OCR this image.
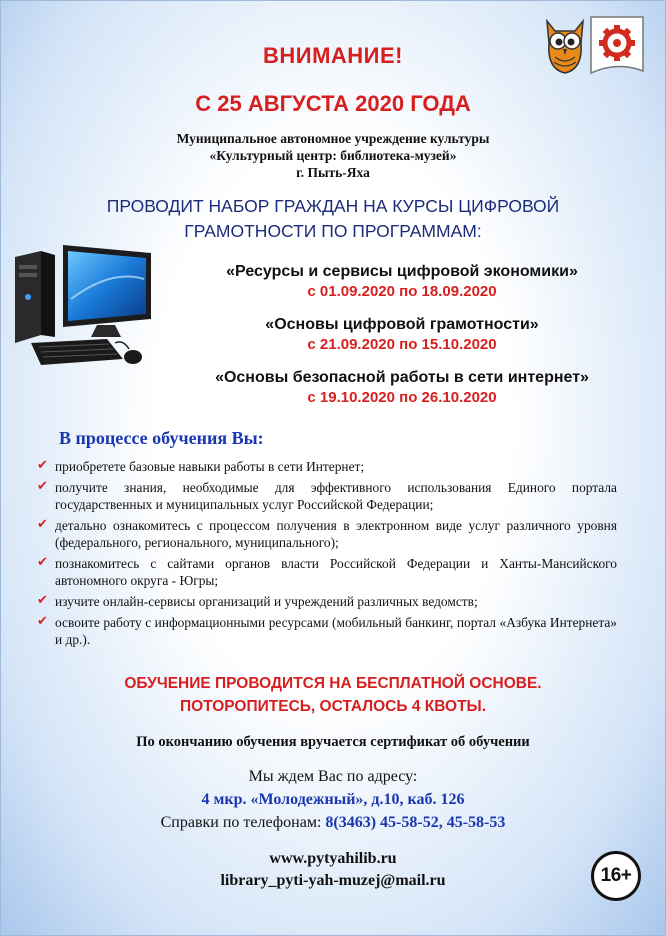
ВНИМАНИЕ!
С 25 АВГУСТА 2020 ГОДА
Муниципальное автономное учреждение культуры
«Культурный центр: библиотека-музей»
г. Пыть-Яха
ПРОВОДИТ НАБОР ГРАЖДАН НА КУРСЫ ЦИФРОВОЙ
ГРАМОТНОСТИ ПО ПРОГРАММАМ:
«Ресурсы и сервисы цифровой экономики»
с 01.09.2020 по 18.09.2020
«Основы цифровой грамотности»
с 21.09.2020 по 15.10.2020
«Основы безопасной работы в сети интернет»
с 19.10.2020 по 26.10.2020
В процессе обучения Вы:
✔ приобретете базовые навыки работы в сети Интернет;
✔ получите знания, необходимые для эффективного использования Единого портала государственных и муниципальных услуг Российской Федерации;
✔ детально ознакомитесь с процессом получения в электронном виде услуг различного уровня (федерального, регионального, муниципального);
✔ познакомитесь с сайтами органов власти Российской Федерации и Ханты-Мансийского автономного округа - Югры;
✔ изучите онлайн-сервисы организаций и учреждений различных ведомств;
✔ освоите работу с информационными ресурсами (мобильный банкинг, портал «Азбука Интернета» и др.).
ОБУЧЕНИЕ ПРОВОДИТСЯ НА БЕСПЛАТНОЙ ОСНОВЕ.
ПОТОРОПИТЕСЬ, ОСТАЛОСЬ 4 КВОТЫ.
По окончанию обучения вручается сертификат об обучении
Мы ждем Вас по адресу:
4 мкр. «Молодежный», д.10, каб. 126
Справки по телефонам: 8(3463) 45-58-52, 45-58-53
www.pytyahilib.ru
library_pyti-yah-muzej@mail.ru	16+
